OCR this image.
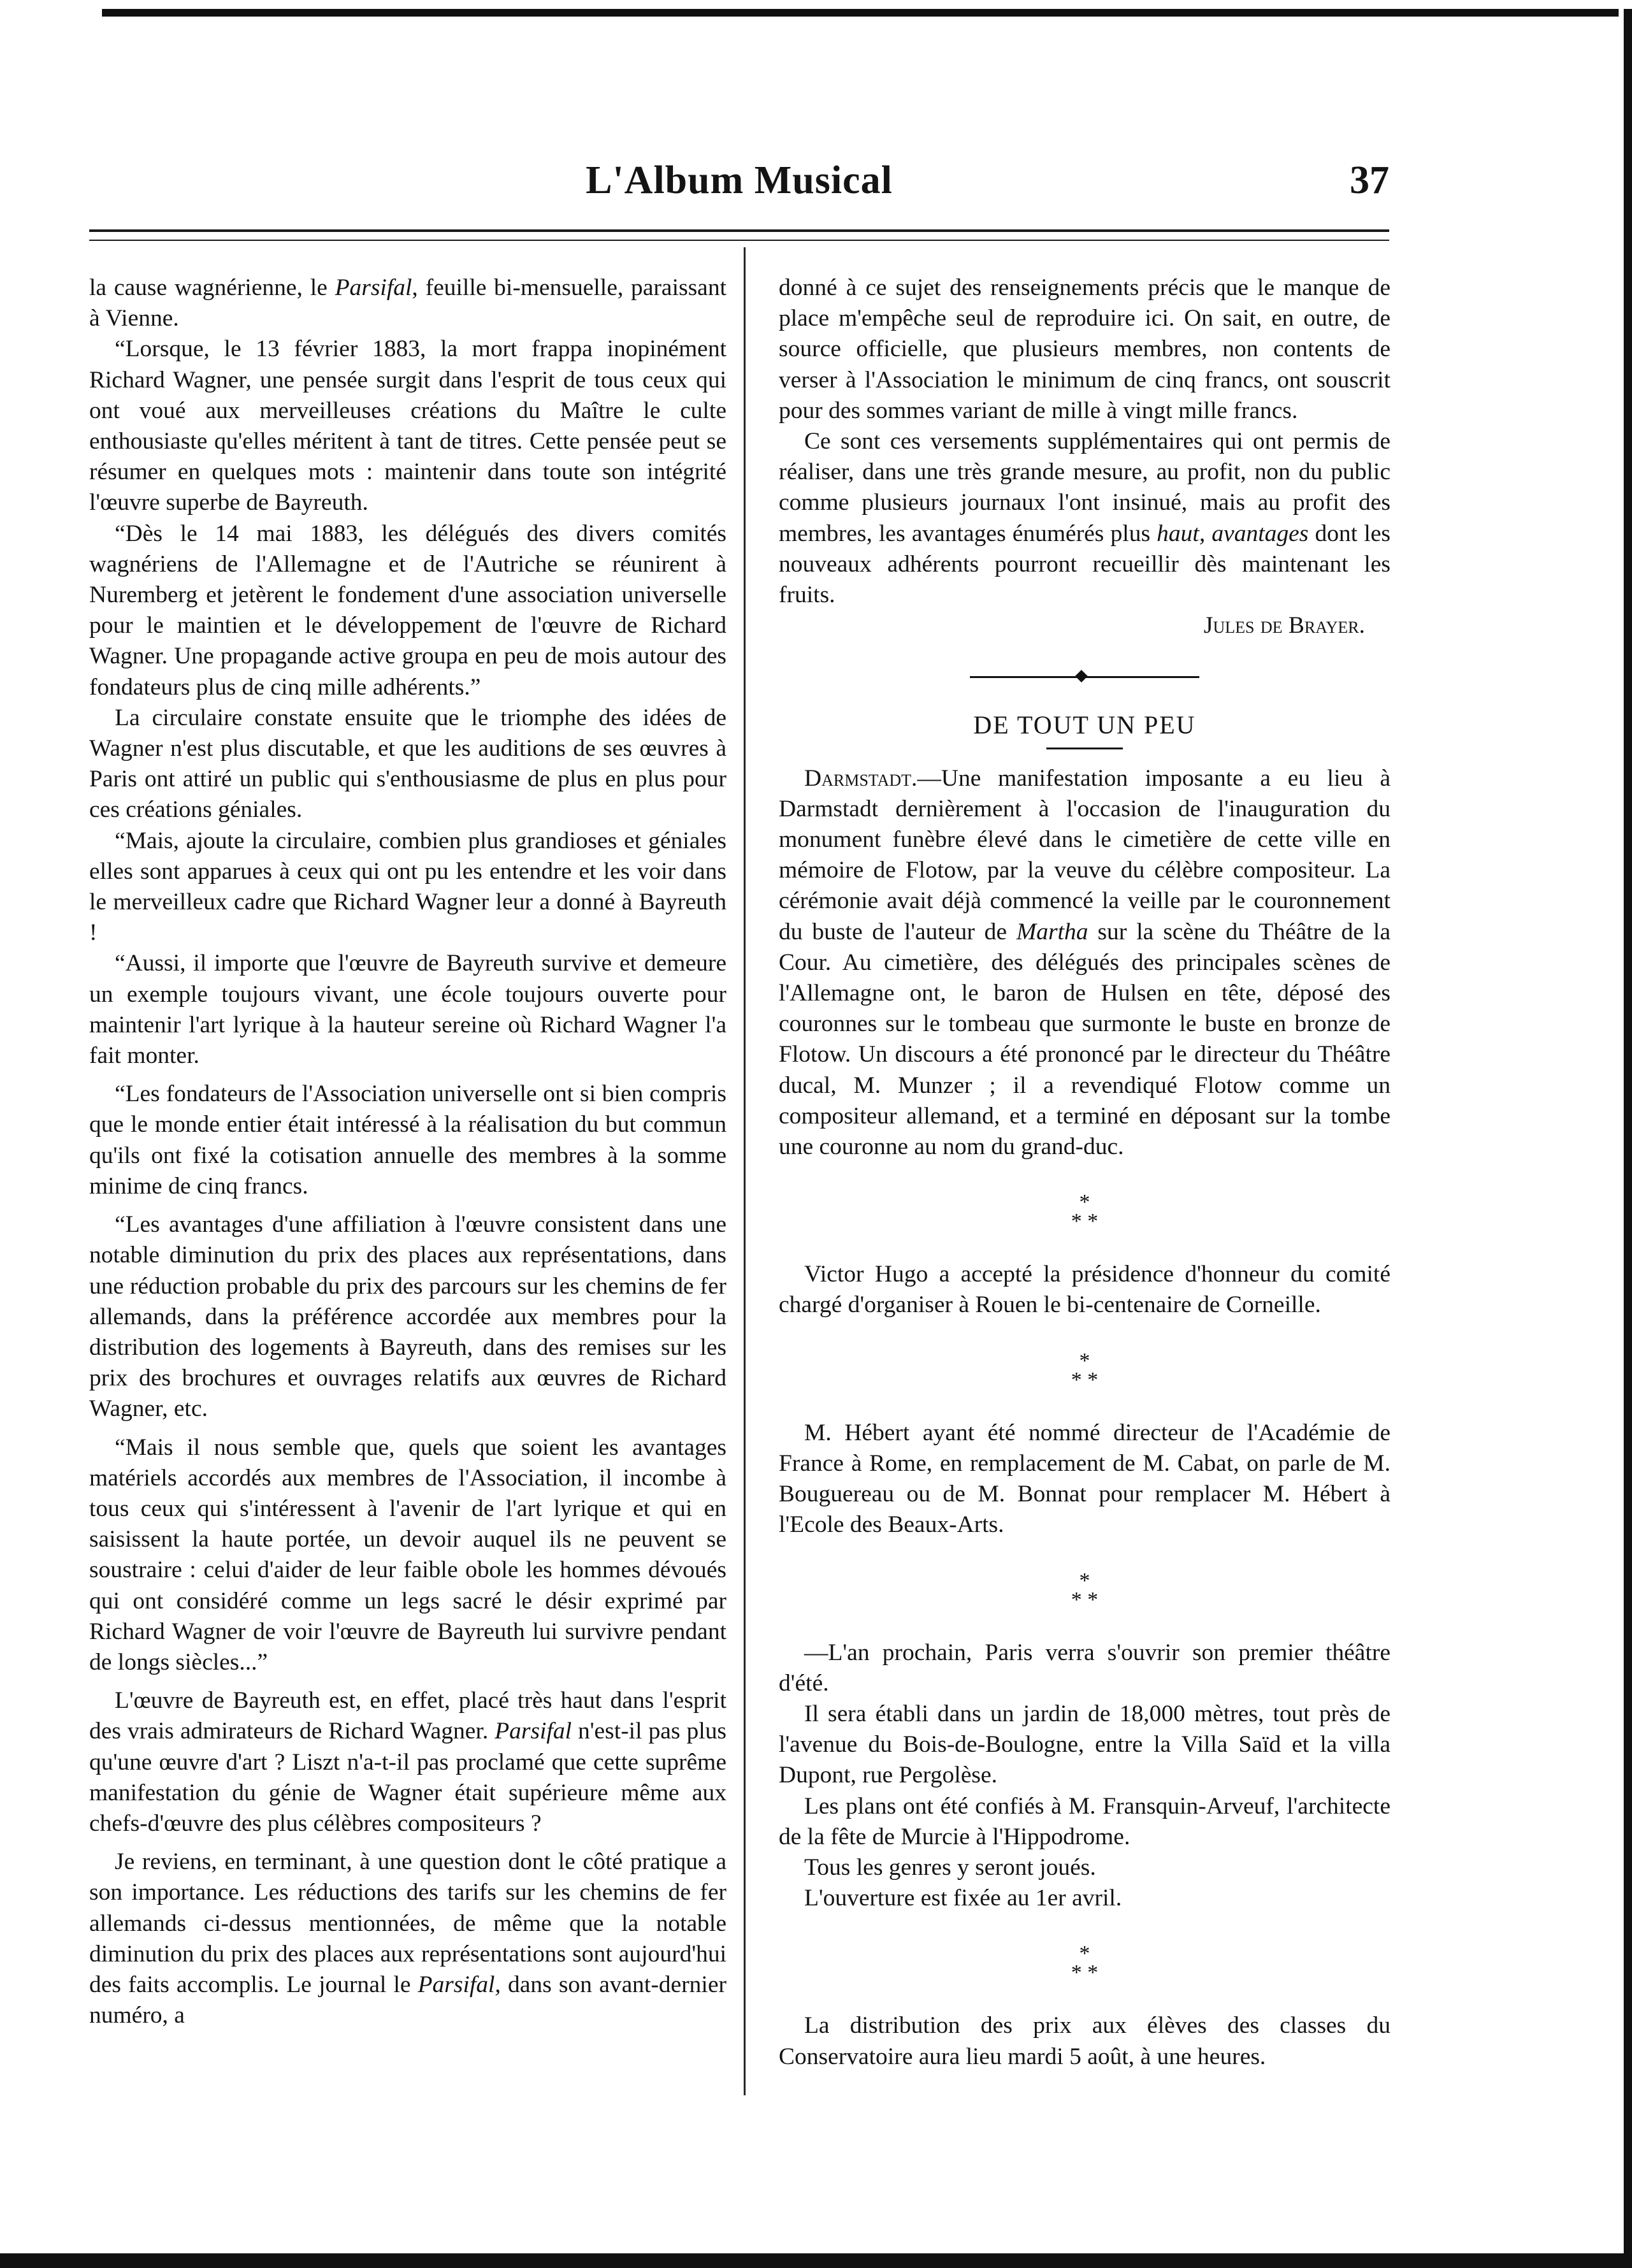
L'Album Musical	37

la cause wagnérienne, le Parsifal, feuille bi-mensuelle, paraissant à Vienne.

“Lorsque, le 13 février 1883, la mort frappa inopinément Richard Wagner, une pensée surgit dans l'esprit de tous ceux qui ont voué aux merveilleuses créations du Maître le culte enthousiaste qu'elles méritent à tant de titres. Cette pensée peut se résumer en quelques mots : maintenir dans toute son intégrité l'œuvre superbe de Bayreuth.

“Dès le 14 mai 1883, les délégués des divers comités wagnériens de l'Allemagne et de l'Autriche se réunirent à Nuremberg et jetèrent le fondement d'une association universelle pour le maintien et le développement de l'œuvre de Richard Wagner. Une propagande active groupa en peu de mois autour des fondateurs plus de cinq mille adhérents.”

La circulaire constate ensuite que le triomphe des idées de Wagner n'est plus discutable, et que les auditions de ses œuvres à Paris ont attiré un public qui s'enthousiasme de plus en plus pour ces créations géniales.

“Mais, ajoute la circulaire, combien plus grandioses et géniales elles sont apparues à ceux qui ont pu les entendre et les voir dans le merveilleux cadre que Richard Wagner leur a donné à Bayreuth !

“Aussi, il importe que l'œuvre de Bayreuth survive et demeure un exemple toujours vivant, une école toujours ouverte pour maintenir l'art lyrique à la hauteur sereine où Richard Wagner l'a fait monter.

“Les fondateurs de l'Association universelle ont si bien compris que le monde entier était intéressé à la réalisation du but commun qu'ils ont fixé la cotisation annuelle des membres à la somme minime de cinq francs.

“Les avantages d'une affiliation à l'œuvre consistent dans une notable diminution du prix des places aux représentations, dans une réduction probable du prix des parcours sur les chemins de fer allemands, dans la préférence accordée aux membres pour la distribution des logements à Bayreuth, dans des remises sur les prix des brochures et ouvrages relatifs aux œuvres de Richard Wagner, etc.

“Mais il nous semble que, quels que soient les avantages matériels accordés aux membres de l'Association, il incombe à tous ceux qui s'intéressent à l'avenir de l'art lyrique et qui en saisissent la haute portée, un devoir auquel ils ne peuvent se soustraire : celui d'aider de leur faible obole les hommes dévoués qui ont considéré comme un legs sacré le désir exprimé par Richard Wagner de voir l'œuvre de Bayreuth lui survivre pendant de longs siècles...”

L'œuvre de Bayreuth est, en effet, placé très haut dans l'esprit des vrais admirateurs de Richard Wagner. Parsifal n'est-il pas plus qu'une œuvre d'art ? Liszt n'a-t-il pas proclamé que cette suprême manifestation du génie de Wagner était supérieure même aux chefs-d'œuvre des plus célèbres compositeurs ?

Je reviens, en terminant, à une question dont le côté pratique a son importance. Les réductions des tarifs sur les chemins de fer allemands ci-dessus mentionnées, de même que la notable diminution du prix des places aux représentations sont aujourd'hui des faits accomplis. Le journal le Parsifal, dans son avant-dernier numéro, a

donné à ce sujet des renseignements précis que le manque de place m'empêche seul de reproduire ici. On sait, en outre, de source officielle, que plusieurs membres, non contents de verser à l'Association le minimum de cinq francs, ont souscrit pour des sommes variant de mille à vingt mille francs.

Ce sont ces versements supplémentaires qui ont permis de réaliser, dans une très grande mesure, au profit, non du public comme plusieurs journaux l'ont insinué, mais au profit des membres, les avantages énumérés plus haut, avantages dont les nouveaux adhérents pourront recueillir dès maintenant les fruits.

Jules de Brayer.

DE TOUT UN PEU

Darmstadt.—Une manifestation imposante a eu lieu à Darmstadt dernièrement à l'occasion de l'inauguration du monument funèbre élevé dans le cimetière de cette ville en mémoire de Flotow, par la veuve du célèbre compositeur. La cérémonie avait déjà commencé la veille par le couronnement du buste de l'auteur de Martha sur la scène du Théâtre de la Cour. Au cimetière, des délégués des principales scènes de l'Allemagne ont, le baron de Hulsen en tête, déposé des couronnes sur le tombeau que surmonte le buste en bronze de Flotow. Un discours a été prononcé par le directeur du Théâtre ducal, M. Munzer ; il a revendiqué Flotow comme un compositeur allemand, et a terminé en déposant sur la tombe une couronne au nom du grand-duc.

*
* *

Victor Hugo a accepté la présidence d'honneur du comité chargé d'organiser à Rouen le bi-centenaire de Corneille.

*
* *

M. Hébert ayant été nommé directeur de l'Académie de France à Rome, en remplacement de M. Cabat, on parle de M. Bouguereau ou de M. Bonnat pour remplacer M. Hébert à l'Ecole des Beaux-Arts.

*
* *

—L'an prochain, Paris verra s'ouvrir son premier théâtre d'été.

Il sera établi dans un jardin de 18,000 mètres, tout près de l'avenue du Bois-de-Boulogne, entre la Villa Saïd et la villa Dupont, rue Pergolèse.

Les plans ont été confiés à M. Fransquin-Arveuf, l'architecte de la fête de Murcie à l'Hippodrome.

Tous les genres y seront joués.

L'ouverture est fixée au 1er avril.

*
* *

La distribution des prix aux élèves des classes du Conservatoire aura lieu mardi 5 août, à une heures.
